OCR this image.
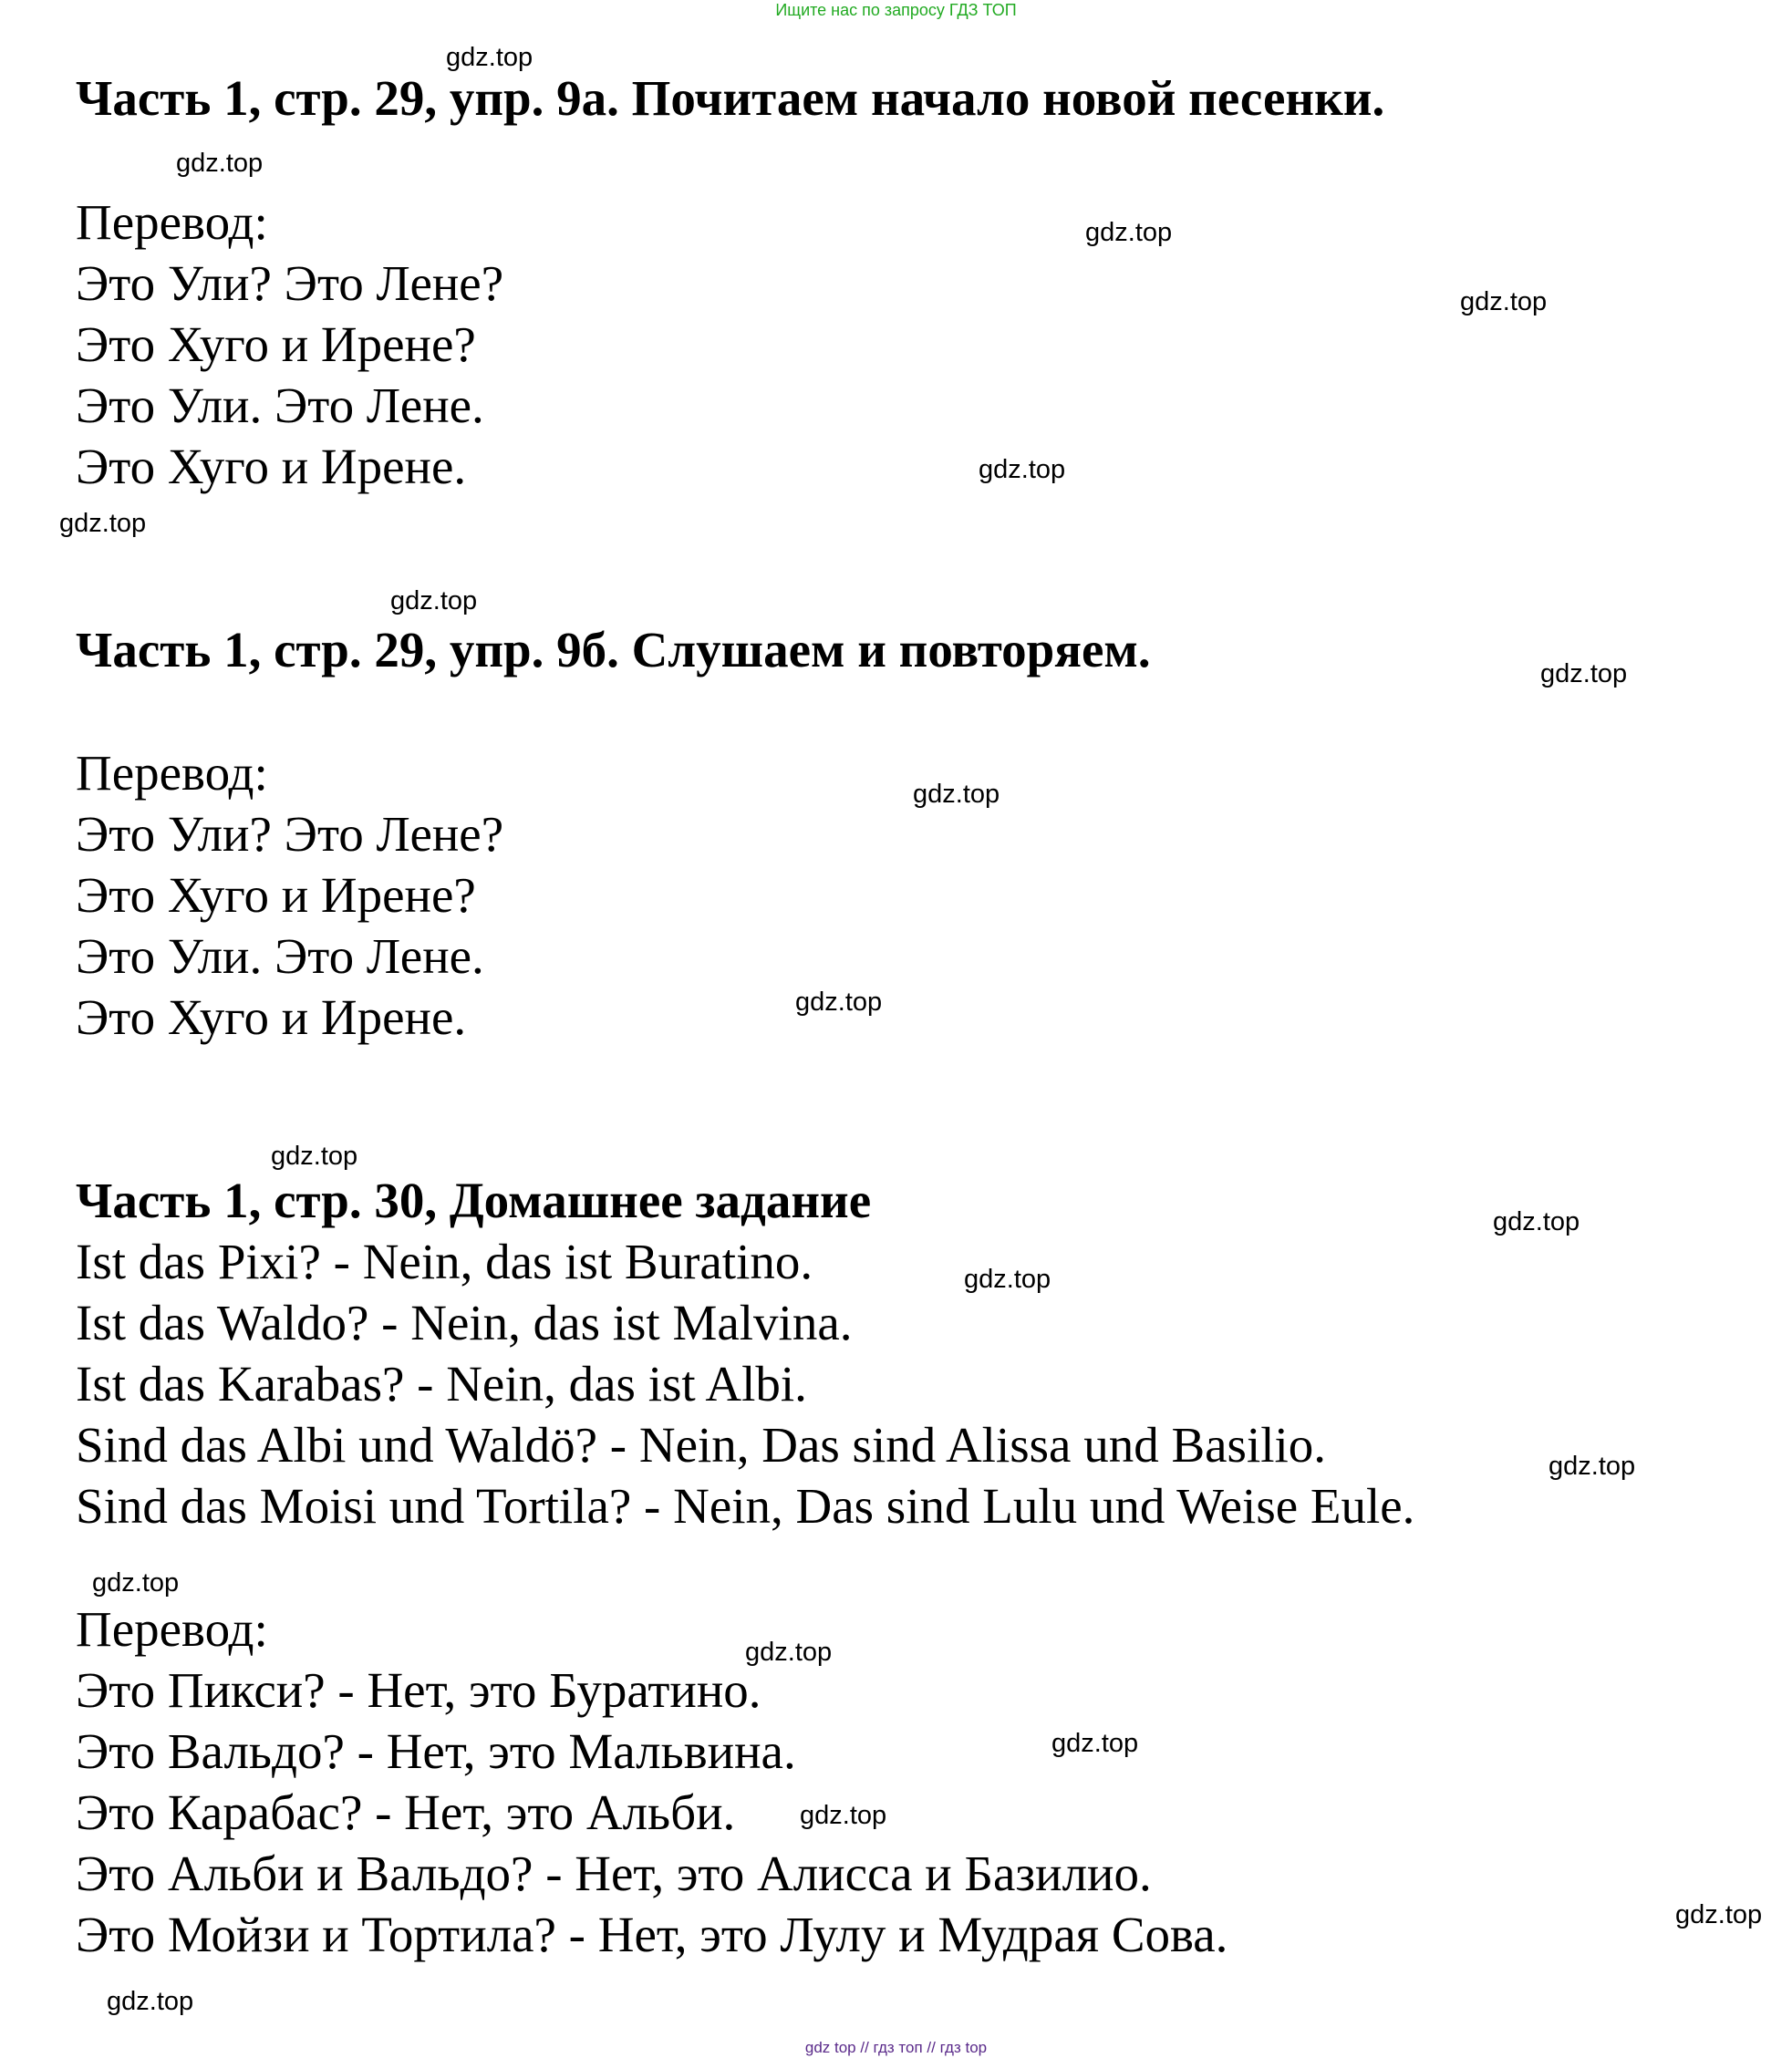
Ищите нас по запросу ГДЗ ТОП
Часть 1, стр. 29, упр. 9а. Почитаем начало новой песенки.
Перевод:
Это Ули? Это Лене?
Это Хуго и Ирене?
Это Ули. Это Лене.
Это Хуго и Ирене.
Часть 1, стр. 29, упр. 9б. Слушаем и повторяем.
Перевод:
Это Ули? Это Лене?
Это Хуго и Ирене?
Это Ули. Это Лене.
Это Хуго и Ирене.
Часть 1, стр. 30, Домашнее задание
Ist das Pixi? - Nein, das ist Buratino.
Ist das Waldo? - Nein, das ist Malvina.
Ist das Karabas? - Nein, das ist Albi.
Sind das Albi und Waldö? - Nein, Das sind Alissa und Basilio.
Sind das Moisi und Tortila? - Nein, Das sind Lulu und Weise Eule.
Перевод:
Это Пикси? - Нет, это Буратино.
Это Вальдо? - Нет, это Мальвина.
Это Карабас? - Нет, это Альби.
Это Альби и Вальдо? - Нет, это Алисса и Базилио.
Это Мойзи и Тортила? - Нет, это Лулу и Мудрая Сова.
gdz.top
gdz.top
gdz.top
gdz.top
gdz.top
gdz.top
gdz.top
gdz.top
gdz.top
gdz.top
gdz.top
gdz.top
gdz.top
gdz.top
gdz.top
gdz.top
gdz.top
gdz.top
gdz.top
gdz.top
gdz top // гдз топ // гдз top
